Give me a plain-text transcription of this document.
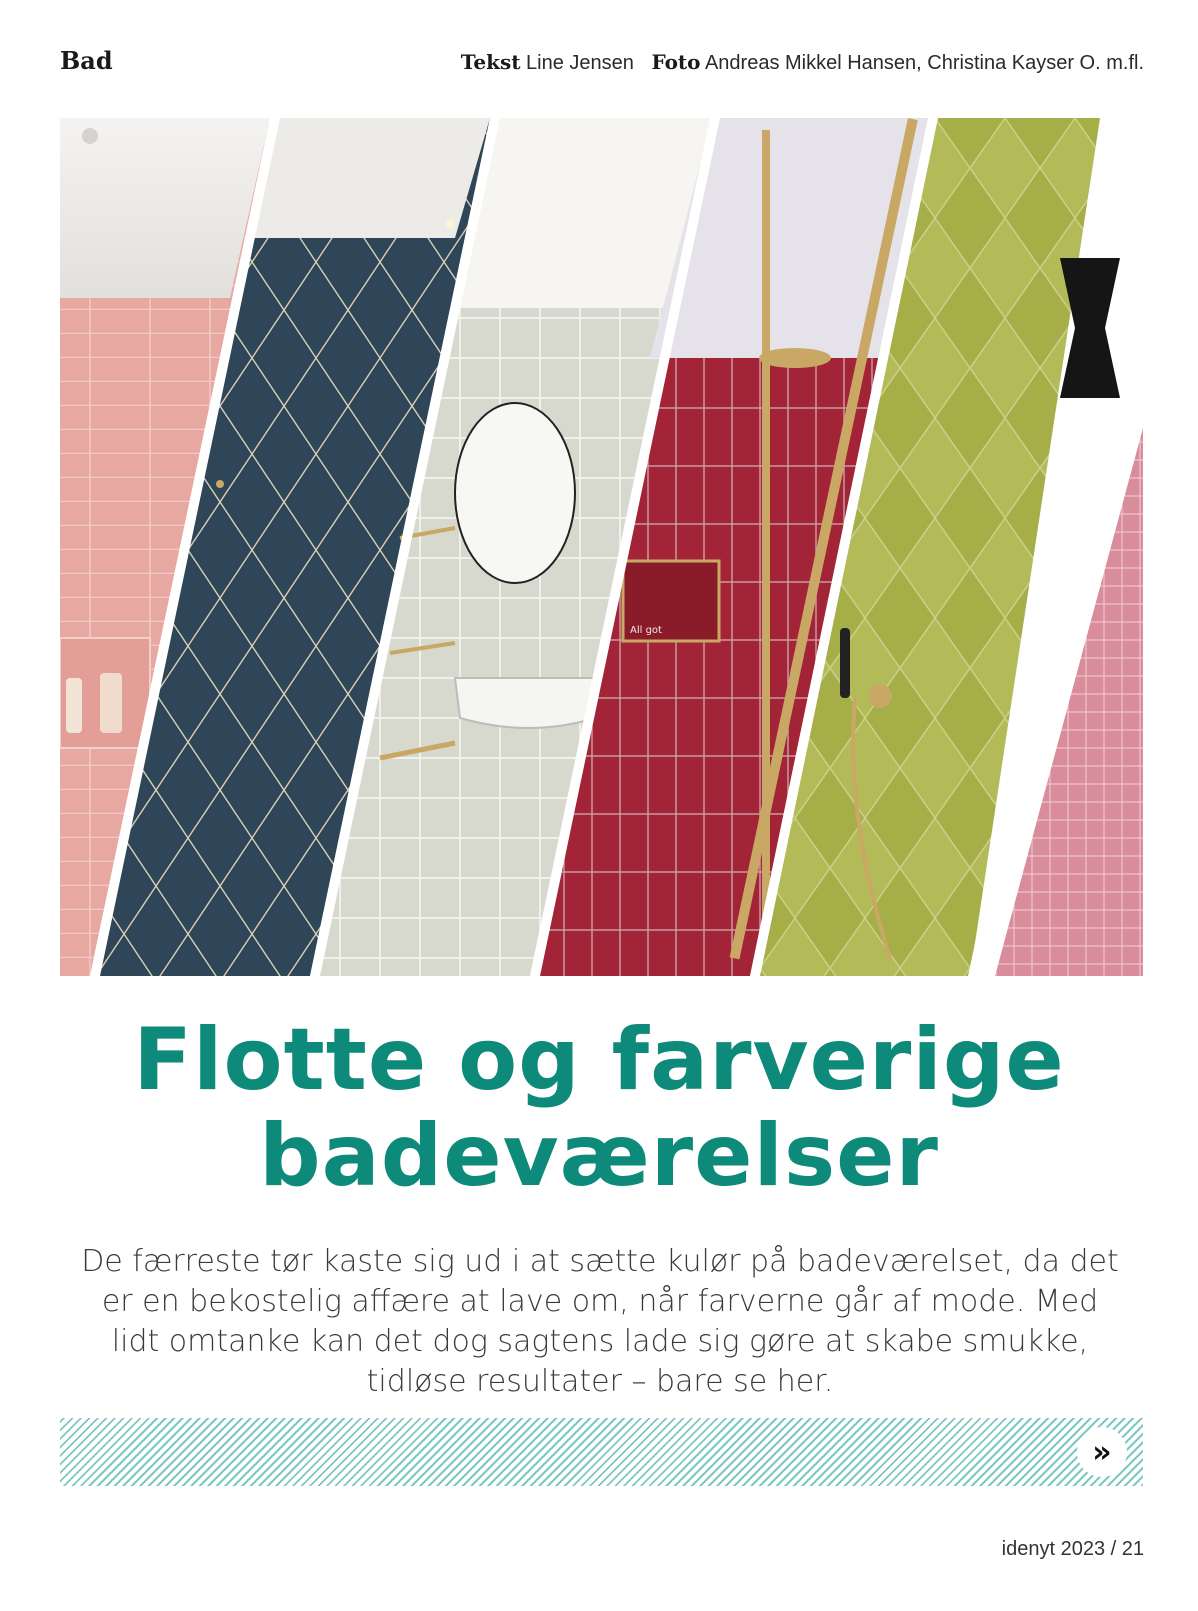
Bad	Tekst Line Jensen Foto Andreas Mikkel Hansen, Christina Kayser O. m.fl.
All got
Flotte og farverige
badeværelser
De færreste tør kaste sig ud i at sætte kulør på badeværelset, da det er en bekostelig affære at lave om, når farverne går af mode. Med lidt omtanke kan det dog sagtens lade sig gøre at skabe smukke, tidløse resultater – bare se her.
»
idenyt 2023 / 21
